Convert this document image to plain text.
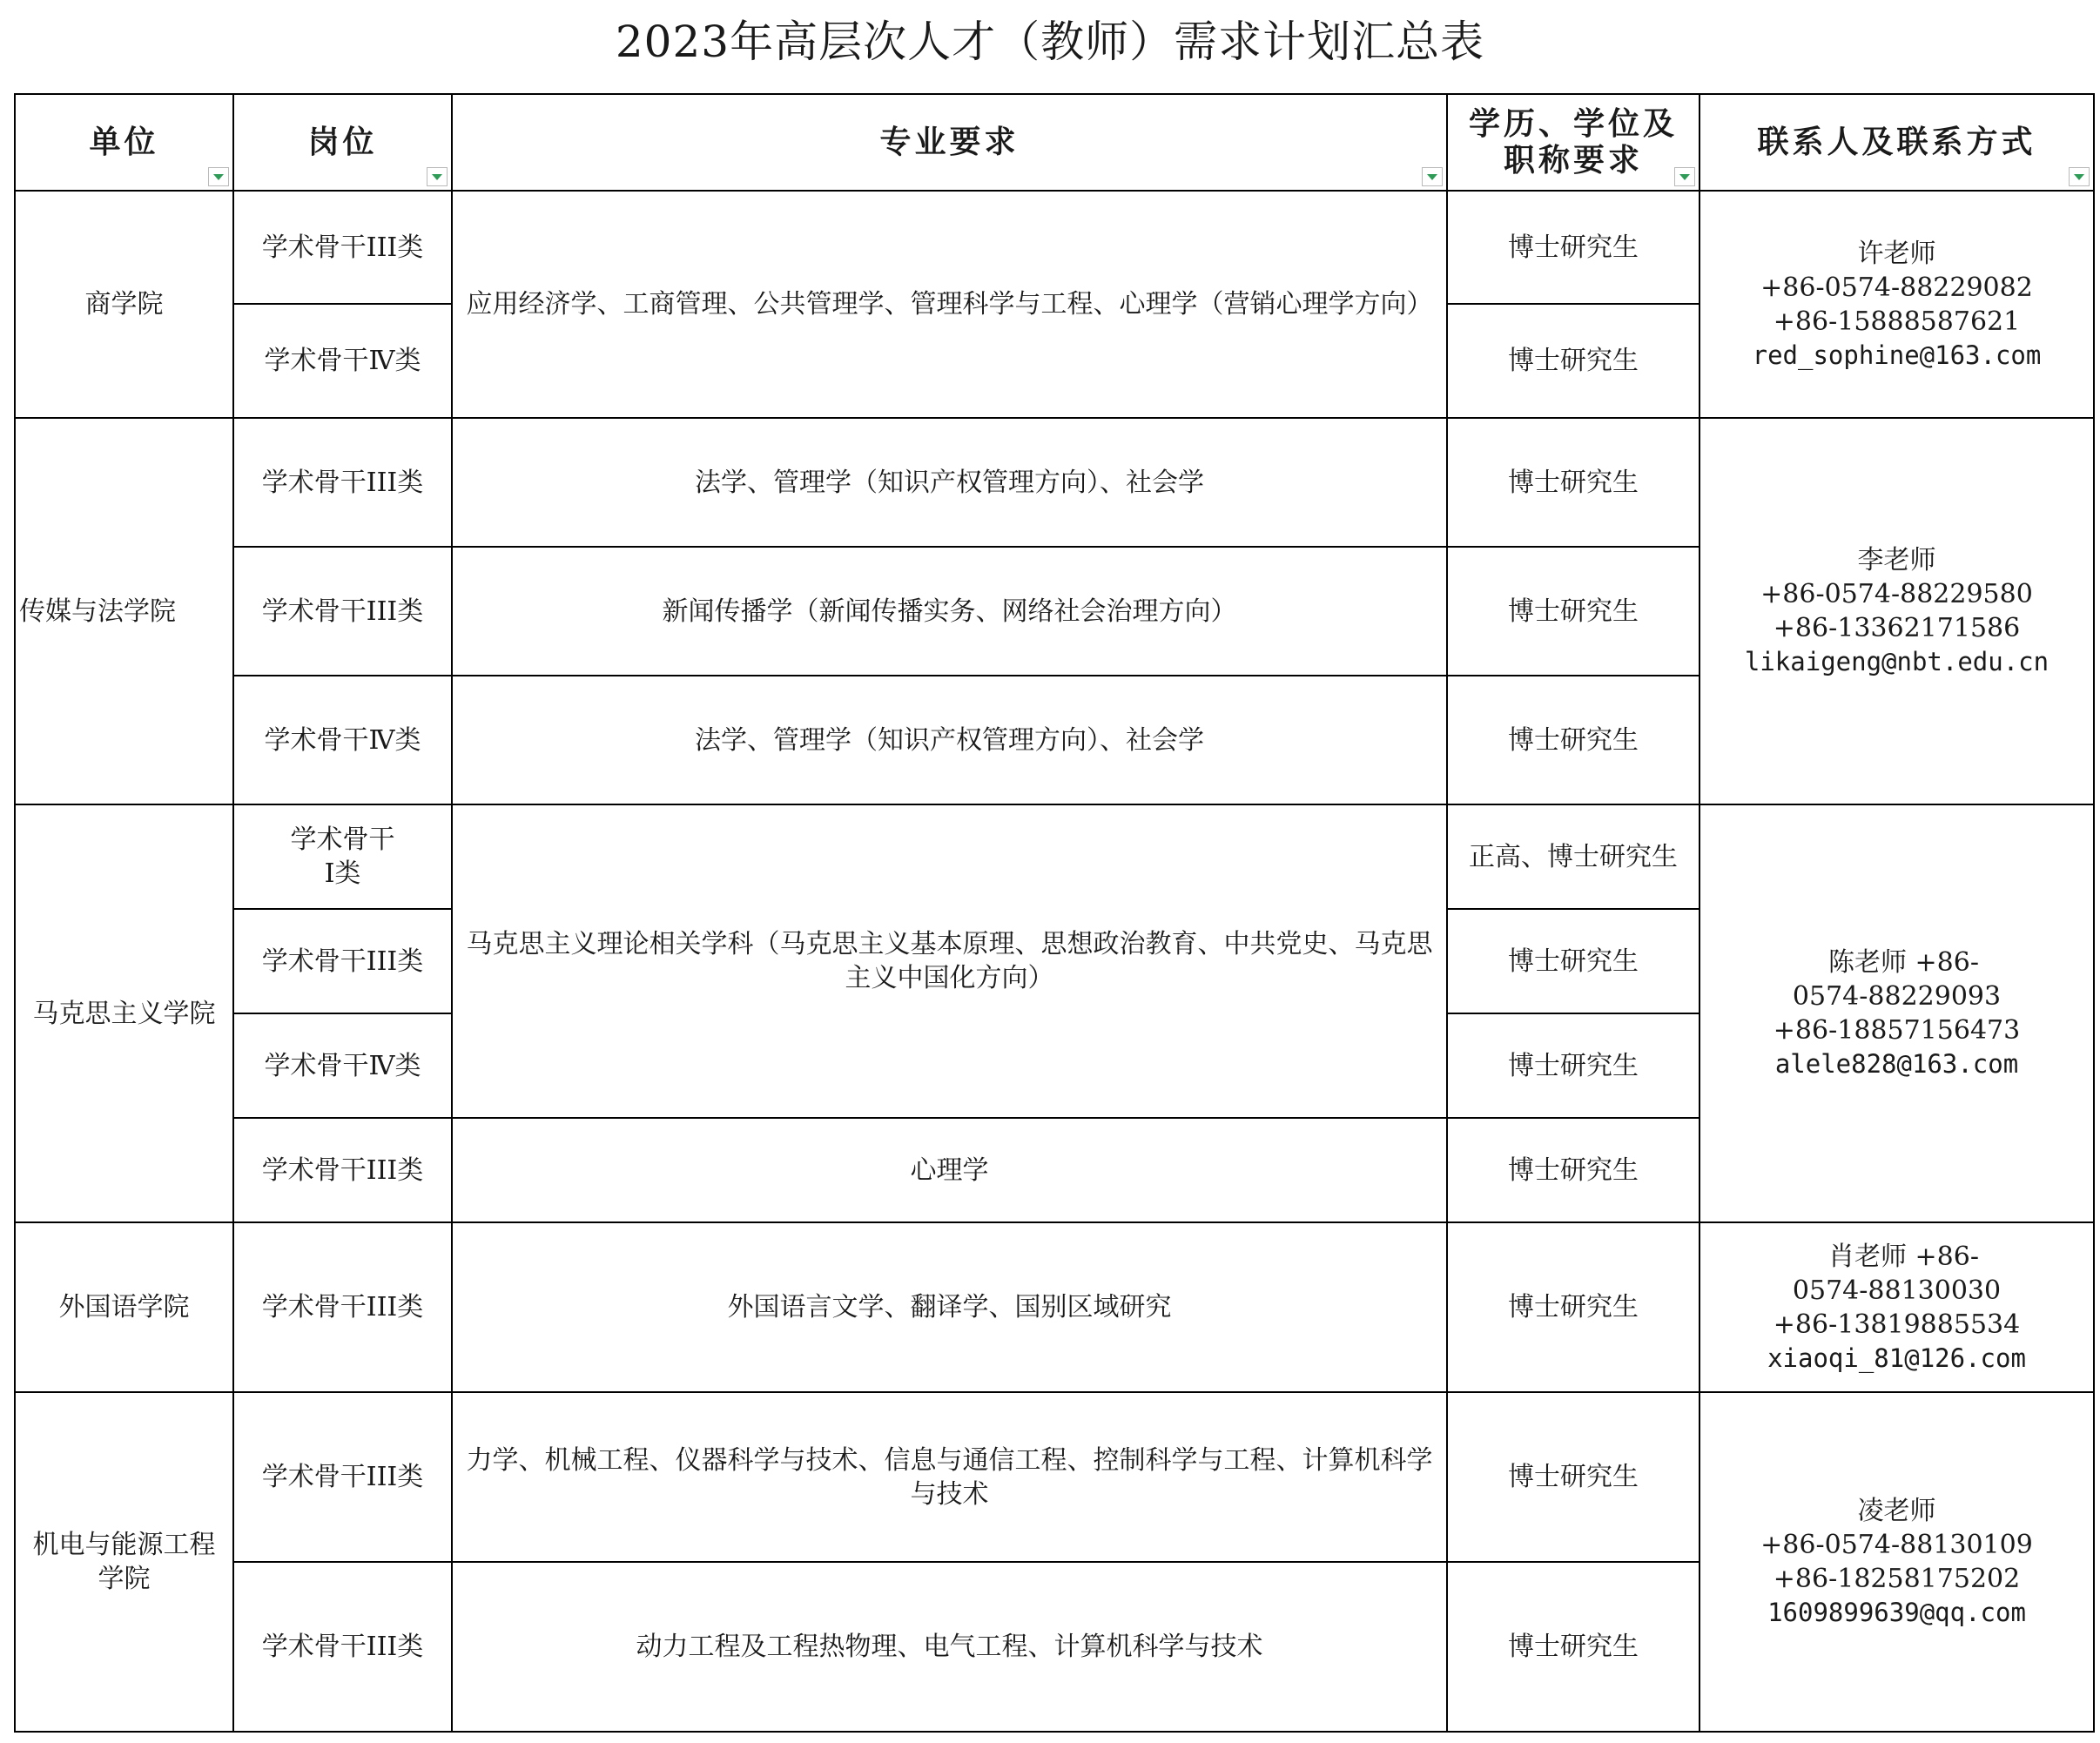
2023年高层次人才（教师）需求计划汇总表
单位	岗位	专业要求	学历、学位及
职称要求	联系人及联系方式

商学院	学术骨干III类	应用经济学、工商管理、公共管理学、管理科学与工程、心理学（营销心理学方向）	博士研究生	许老师
+86-0574-88229082
+86-15888587621
red_sophine@163.com

	学术骨干Ⅳ类		博士研究生	
传媒与法学院	学术骨干III类	法学、管理学（知识产权管理方向）、社会学	博士研究生	李老师
+86-0574-88229580
+86-13362171586
likaigeng@nbt.edu.cn

	学术骨干III类	新闻传播学（新闻传播实务、网络社会治理方向）	博士研究生	
	学术骨干Ⅳ类	法学、管理学（知识产权管理方向）、社会学	博士研究生	
马克思主义学院	学术骨干
Ⅰ类	马克思主义理论相关学科（马克思主义基本原理、思想政治教育、中共党史、马克思主义中国化方向）	正高、博士研究生	陈老师 +86-
0574-88229093
+86-18857156473
alele828@163.com

	学术骨干III类		博士研究生	
	学术骨干Ⅳ类		博士研究生	
	学术骨干III类	心理学	博士研究生	
外国语学院	学术骨干III类	外国语言文学、翻译学、国别区域研究	博士研究生	肖老师 +86-
0574-88130030
+86-13819885534
xiaoqi_81@126.com

机电与能源工程
学院	学术骨干III类	力学、机械工程、仪器科学与技术、信息与通信工程、控制科学与工程、计算机科学与技术	博士研究生	凌老师
+86-0574-88130109
+86-18258175202
1609899639@qq.com

	学术骨干III类	动力工程及工程热物理、电气工程、计算机科学与技术	博士研究生	
